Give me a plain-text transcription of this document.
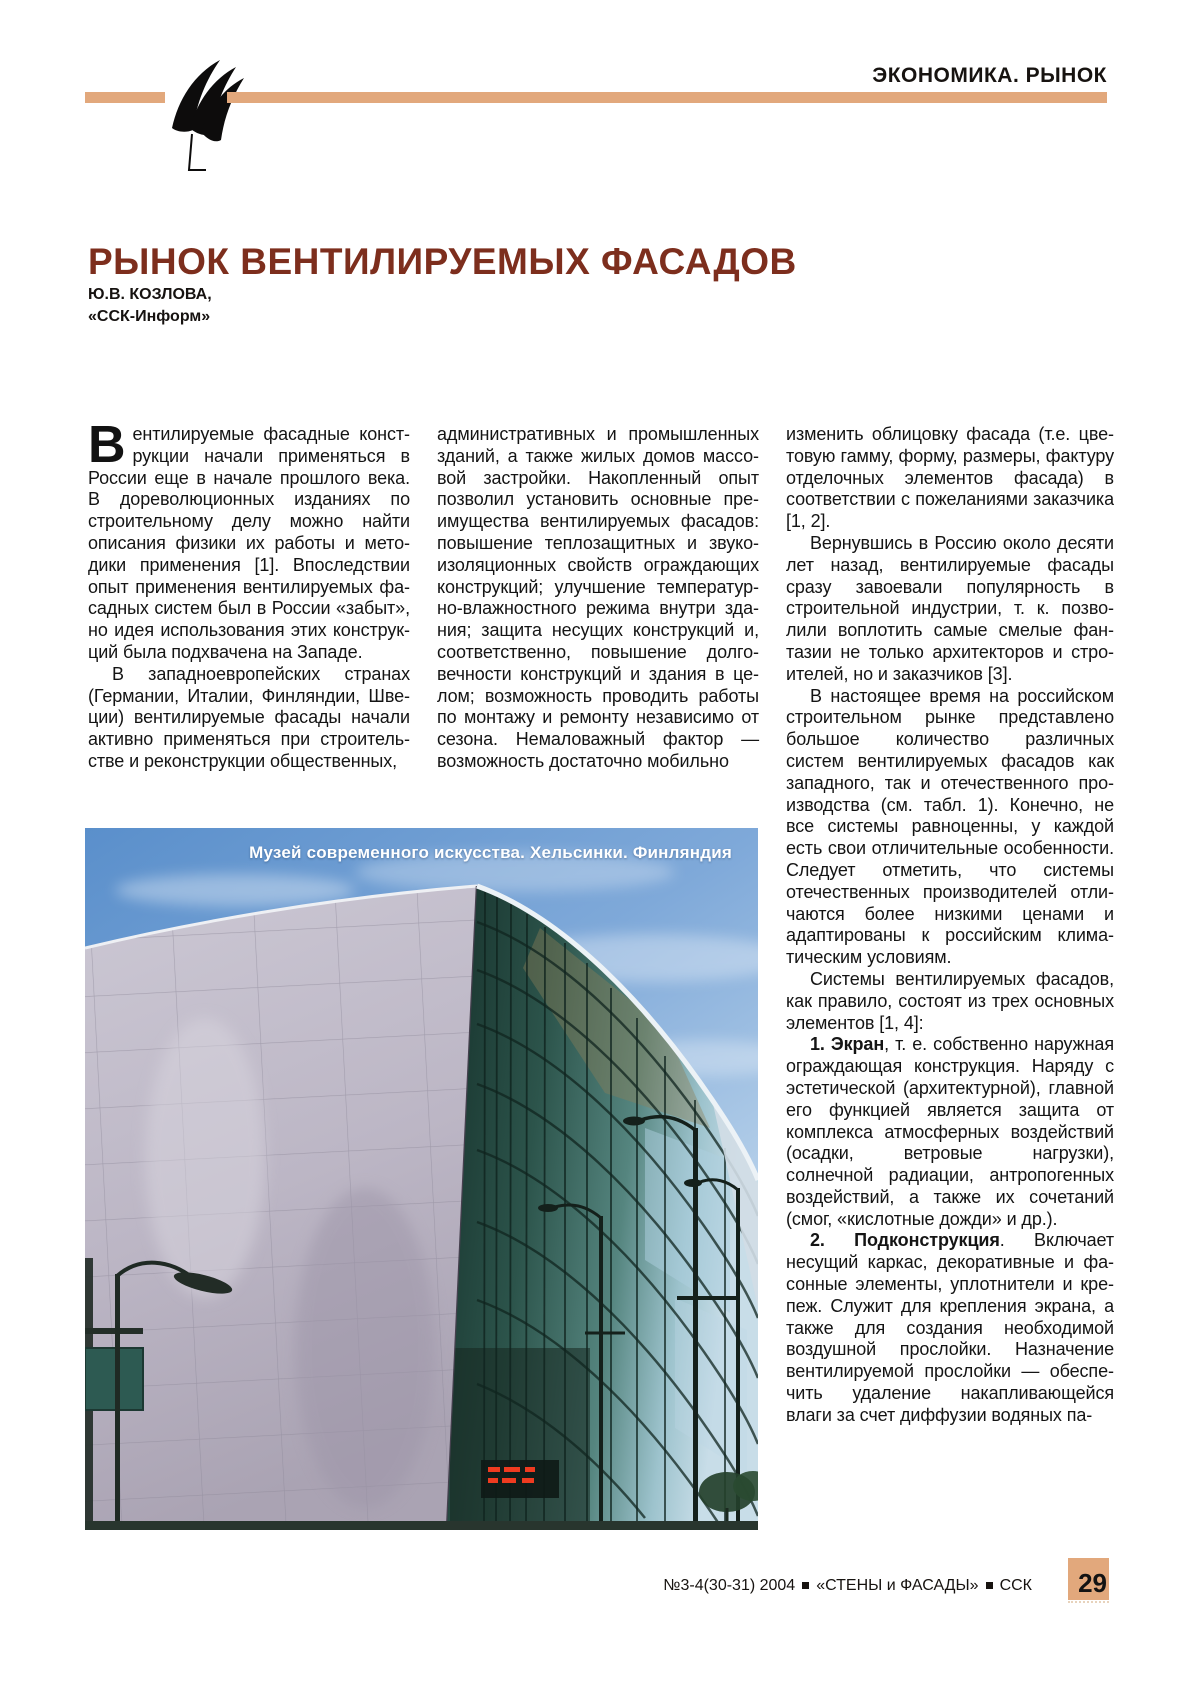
ЭКОНОМИКА. РЫНОК
РЫНОК ВЕНТИЛИРУЕМЫХ ФАСАДОВ
Ю.В. КОЗЛОВА,
«ССК-Информ»

Вентилируемые фасадные конструкции начали применяться в России еще в начале прошлого века. В дореволюционных изданиях по строительному делу можно найти описания физики их работы и методики применения [1]. Впоследствии опыт применения вентилируемых фасадных систем был в России «забыт», но идея использования этих конструкций была подхвачена на Западе.

В западноевропейских странах (Германии, Италии, Финляндии, Швеции) вентилируемые фасады начали активно применяться при строительстве и реконструкции общественных,

административных и промышленных зданий, а также жилых домов массовой застройки. Накопленный опыт позволил установить основные преимущества вентилируемых фасадов: повышение теплозащитных и звукоизоляционных свойств ограждающих конструкций; улучшение температурно-влажностного режима внутри здания; защита несущих конструкций и, соответственно, повышение долговечности конструкций и здания в целом; возможность проводить работы по монтажу и ремонту независимо от сезона. Немаловажный фактор — возможность достаточно мобильно

изменить облицовку фасада (т.е. цветовую гамму, форму, размеры, фактуру отделочных элементов фасада) в соответствии с пожеланиями заказчика [1, 2].

Вернувшись в Россию около десяти лет назад, вентилируемые фасады сразу завоевали популярность в строительной индустрии, т. к. позволили воплотить самые смелые фантазии не только архитекторов и строителей, но и заказчиков [3].

В настоящее время на российском строительном рынке представлено большое количество различных систем вентилируемых фасадов как западного, так и отечественного производства (см. табл. 1). Конечно, не все системы равноценны, у каждой есть свои отличительные особенности. Следует отметить, что системы отечественных производителей отличаются более низкими ценами и адаптированы к российским климатическим условиям.

Системы вентилируемых фасадов, как правило, состоят из трех основных элементов [1, 4]:

1. Экран, т. е. собственно наружная ограждающая конструкция. Наряду с эстетической (архитектурной), главной его функцией является защита от комплекса атмосферных воздействий (осадки, ветровые нагрузки), солнечной радиации, антропогенных воздействий, а также их сочетаний (смог, «кислотные дожди» и др.).

2. Подконструкция. Включает несущий каркас, декоративные и фасонные элементы, уплотнители и крепеж. Служит для крепления экрана, а также для создания необходимой воздушной прослойки. Назначение вентилируемой прослойки — обеспечить удаление накапливающейся влаги за счет диффузии водяных па-

Музей современного искусства. Хельсинки. Финляндия
№3-4(30-31) 2004 «СТЕНЫ и ФАСАДЫ» ССК 29
